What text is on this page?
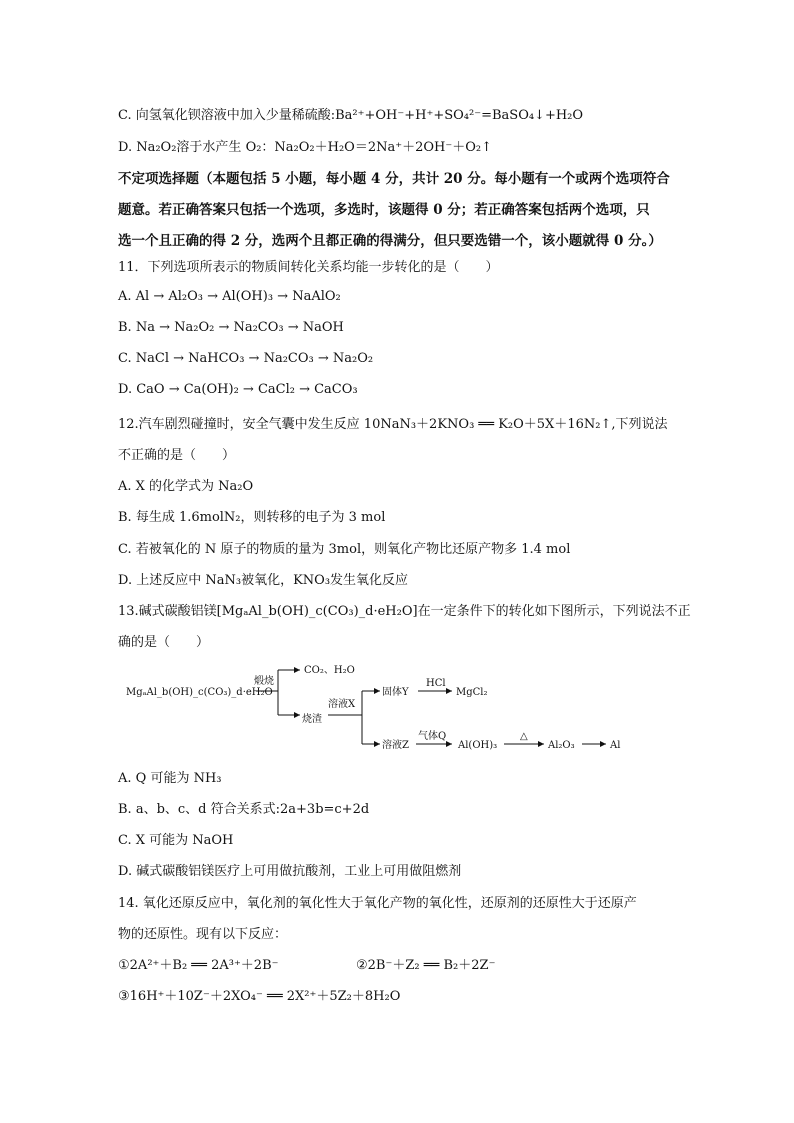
C. 向氢氧化钡溶液中加入少量稀硫酸:Ba²⁺+OH⁻+H⁺+SO₄²⁻=BaSO₄↓+H₂O
D. Na₂O₂溶于水产生 O₂：Na₂O₂＋H₂O＝2Na⁺＋2OH⁻＋O₂↑
不定项选择题（本题包括 5 小题，每小题 4 分，共计 20 分。每小题有一个或两个选项符合
题意。若正确答案只包括一个选项，多选时，该题得 0 分；若正确答案包括两个选项，只
选一个且正确的得 2 分，选两个且都正确的得满分，但只要选错一个，该小题就得 0 分。）
11．下列选项所表示的物质间转化关系均能一步转化的是（　　）
A. Al → Al₂O₃ → Al(OH)₃ → NaAlO₂
B. Na → Na₂O₂ → Na₂CO₃ → NaOH
C. NaCl → NaHCO₃ → Na₂CO₃ → Na₂O₂
D. CaO → Ca(OH)₂ → CaCl₂ → CaCO₃
12.汽车剧烈碰撞时，安全气囊中发生反应 10NaN₃＋2KNO₃ ══ K₂O＋5X＋16N₂↑,下列说法
不正确的是（　　）
A. X 的化学式为 Na₂O
B. 每生成 1.6molN₂，则转移的电子为 3 mol
C. 若被氧化的 N 原子的物质的量为 3mol，则氧化产物比还原产物多 1.4 mol
D. 上述反应中 NaN₃被氧化，KNO₃发生氧化反应
13.碱式碳酸铝镁[MgₐAl_b(OH)_c(CO₃)_d·eH₂O]在一定条件下的转化如下图所示，下列说法不正
确的是（　　）
MgₐAl_b(OH)_c(CO₃)_d·eH₂O
煅烧
CO₂、H₂O
烧渣
溶液X
固体Y
HCl
MgCl₂
溶液Z
气体Q
Al(OH)₃
△
Al₂O₃	Al
A. Q 可能为 NH₃
B. a、b、c、d 符合关系式:2a+3b=c+2d
C. X 可能为 NaOH
D. 碱式碳酸铝镁医疗上可用做抗酸剂，工业上可用做阻燃剂
14. 氧化还原反应中，氧化剂的氧化性大于氧化产物的氧化性，还原剂的还原性大于还原产
物的还原性。现有以下反应：
①2A²⁺＋B₂ ══ 2A³⁺＋2B⁻	②2B⁻＋Z₂ ══ B₂＋2Z⁻
③16H⁺＋10Z⁻＋2XO₄⁻ ══ 2X²⁺＋5Z₂＋8H₂O
